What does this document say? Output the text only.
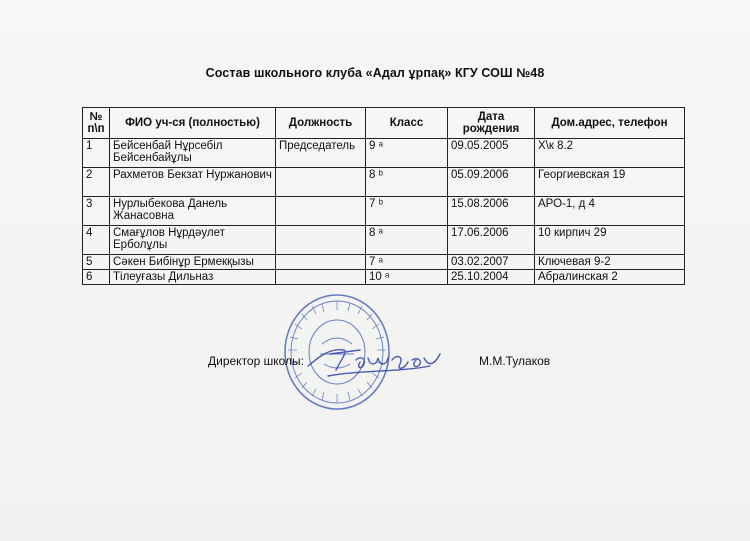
Состав школьного клуба «Адал ұрпақ» КГУ СОШ №48
№ п\п	ФИО уч-ся (полностью)	Должность	Класс	Дата рождения	Дом.адрес, телефон
1	Бейсенбай Нұрсебіл Бейсенбайұлы	Председатель	9 ᵃ	09.05.2005	Х\к 8.2
2	Рахметов Бекзат Нуржанович		8 ᵇ	05.09.2006	Георгиевская 19
3	Нурлыбекова Данель Жанасовна		7 ᵇ	15.08.2006	АРО-1, д 4
4	Смағұлов Нұрдәулет Ерболұлы		8 ᵃ	17.06.2006	10 кирпич 29
5	Сәкен Бибінұр Ермекқызы		7 ᵃ	03.02.2007	Ключевая 9-2
6	Тілеуғазы Дильназ		10 ᵃ	25.10.2004	Абралинская 2
Директор школы:	М.М.Тулаков
